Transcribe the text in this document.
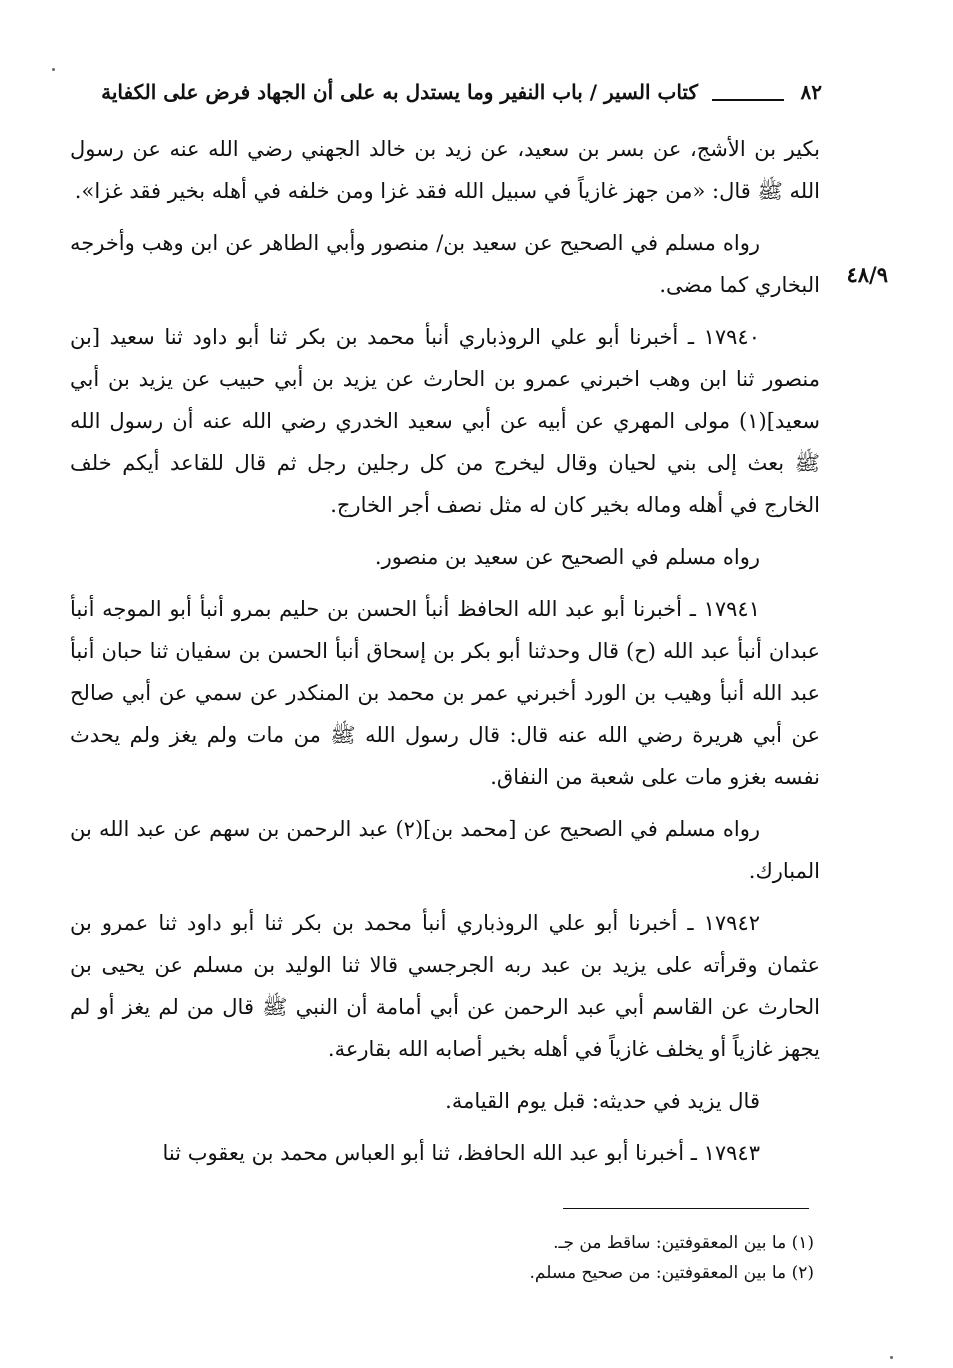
٨٢
كتاب السير / باب النفير وما يستدل به على أن الجهاد فرض على الكفاية
٤٨/٩

بكير بن الأشج، عن بسر بن سعيد، عن زيد بن خالد الجهني رضي الله عنه عن رسول الله ﷺ قال: «من جهز غازياً في سبيل الله فقد غزا ومن خلفه في أهله بخير فقد غزا».

رواه مسلم في الصحيح عن سعيد بن/ منصور وأبي الطاهر عن ابن وهب وأخرجه البخاري كما مضى.

١٧٩٤٠ ـ أخبرنا أبو علي الروذباري أنبأ محمد بن بكر ثنا أبو داود ثنا سعيد [بن منصور ثنا ابن وهب اخبرني عمرو بن الحارث عن يزيد بن أبي حبيب عن يزيد بن أبي سعيد](١) مولى المهري عن أبيه عن أبي سعيد الخدري رضي الله عنه أن رسول الله ﷺ بعث إلى بني لحيان وقال ليخرج من كل رجلين رجل ثم قال للقاعد أيكم خلف الخارج في أهله وماله بخير كان له مثل نصف أجر الخارج.

رواه مسلم في الصحيح عن سعيد بن منصور.

١٧٩٤١ ـ أخبرنا أبو عبد الله الحافظ أنبأ الحسن بن حليم بمرو أنبأ أبو الموجه أنبأ عبدان أنبأ عبد الله (ح) قال وحدثنا أبو بكر بن إسحاق أنبأ الحسن بن سفيان ثنا حبان أنبأ عبد الله أنبأ وهيب بن الورد أخبرني عمر بن محمد بن المنكدر عن سمي عن أبي صالح عن أبي هريرة رضي الله عنه قال: قال رسول الله ﷺ من مات ولم يغز ولم يحدث نفسه بغزو مات على شعبة من النفاق.

رواه مسلم في الصحيح عن [محمد بن](٢) عبد الرحمن بن سهم عن عبد الله بن المبارك.

١٧٩٤٢ ـ أخبرنا أبو علي الروذباري أنبأ محمد بن بكر ثنا أبو داود ثنا عمرو بن عثمان وقرأته على يزيد بن عبد ربه الجرجسي قالا ثنا الوليد بن مسلم عن يحيى بن الحارث عن القاسم أبي عبد الرحمن عن أبي أمامة أن النبي ﷺ قال من لم يغز أو لم يجهز غازياً أو يخلف غازياً في أهله بخير أصابه الله بقارعة.

قال يزيد في حديثه: قبل يوم القيامة.

١٧٩٤٣ ـ أخبرنا أبو عبد الله الحافظ، ثنا أبو العباس محمد بن يعقوب ثنا

(١) ما بين المعقوفتين: ساقط من جـ.

(٢) ما بين المعقوفتين: من صحيح مسلم.
